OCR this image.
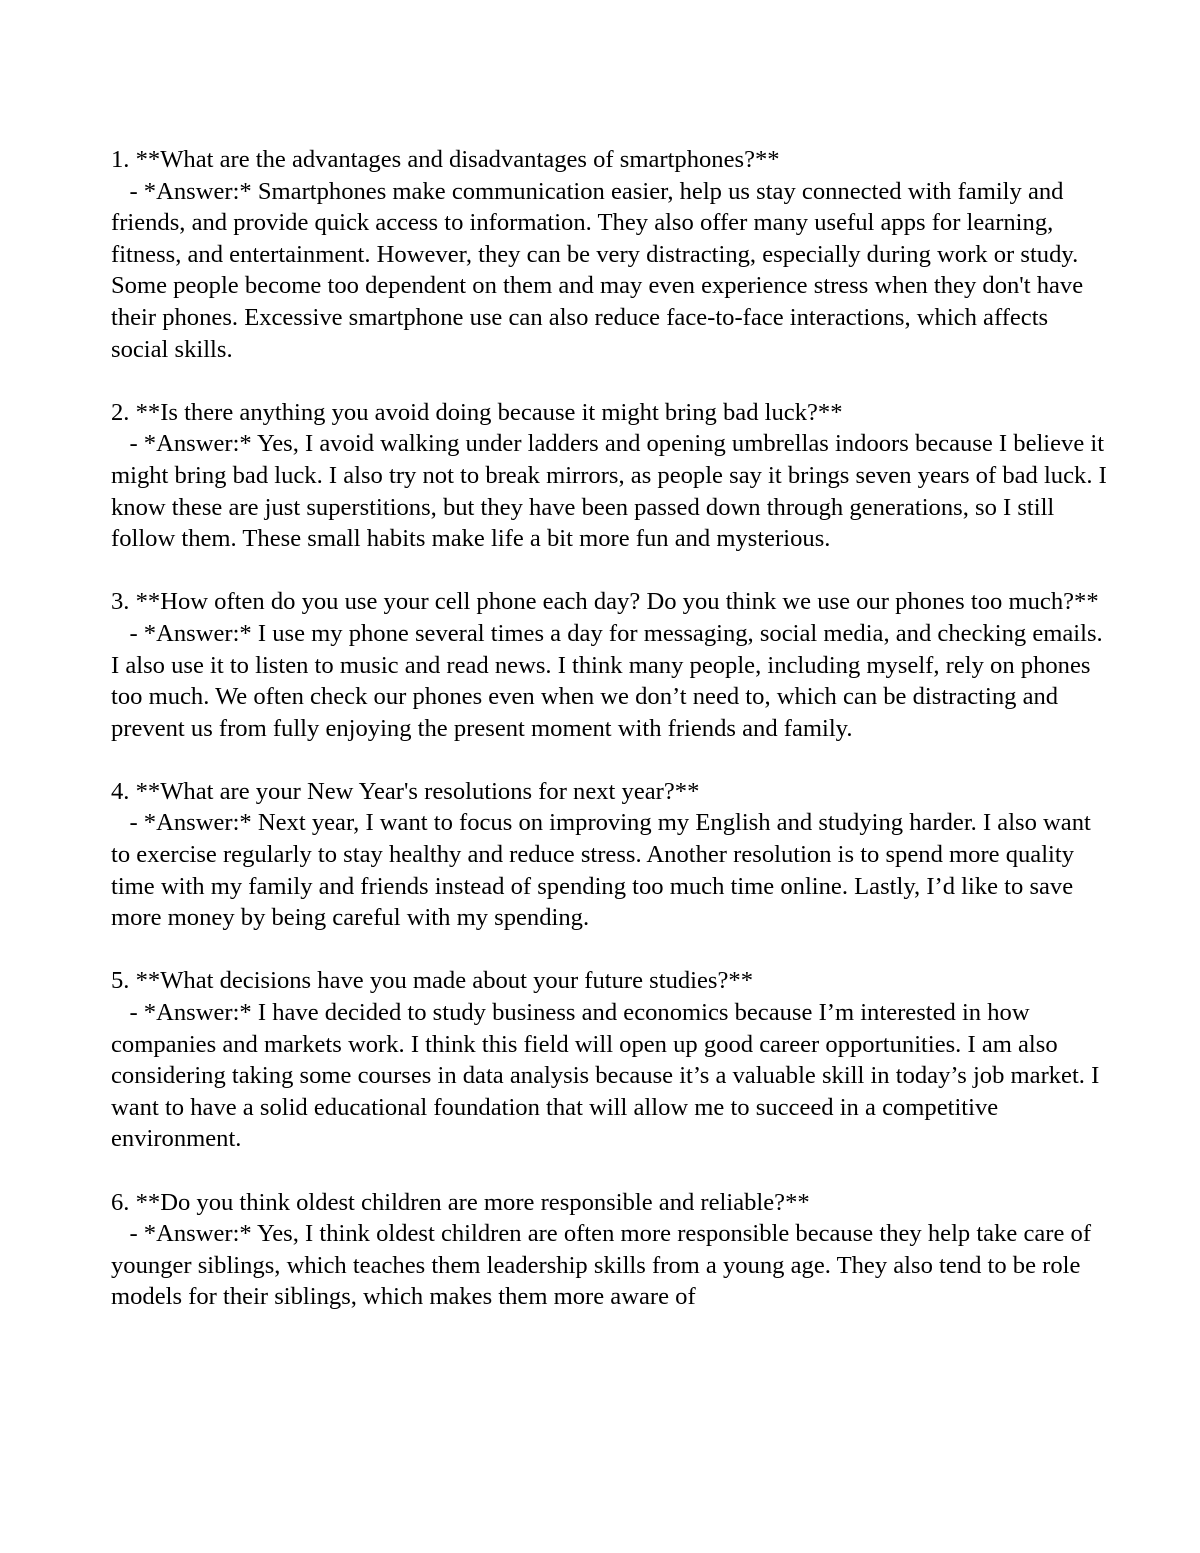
1. **What are the advantages and disadvantages of smartphones?**

- *Answer:* Smartphones make communication easier, help us stay connected with family and friends, and provide quick access to information. They also offer many useful apps for learning, fitness, and entertainment. However, they can be very distracting, especially during work or study. Some people become too dependent on them and may even experience stress when they don't have their phones. Excessive smartphone use can also reduce face-to-face interactions, which affects social skills.

2. **Is there anything you avoid doing because it might bring bad luck?**

- *Answer:* Yes, I avoid walking under ladders and opening umbrellas indoors because I believe it might bring bad luck. I also try not to break mirrors, as people say it brings seven years of bad luck. I know these are just superstitions, but they have been passed down through generations, so I still follow them. These small habits make life a bit more fun and mysterious.

3. **How often do you use your cell phone each day? Do you think we use our phones too much?**

- *Answer:* I use my phone several times a day for messaging, social media, and checking emails. I also use it to listen to music and read news. I think many people, including myself, rely on phones too much. We often check our phones even when we don’t need to, which can be distracting and prevent us from fully enjoying the present moment with friends and family.

4. **What are your New Year's resolutions for next year?**

- *Answer:* Next year, I want to focus on improving my English and studying harder. I also want to exercise regularly to stay healthy and reduce stress. Another resolution is to spend more quality time with my family and friends instead of spending too much time online. Lastly, I’d like to save more money by being careful with my spending.

5. **What decisions have you made about your future studies?**

- *Answer:* I have decided to study business and economics because I’m interested in how companies and markets work. I think this field will open up good career opportunities. I am also considering taking some courses in data analysis because it’s a valuable skill in today’s job market. I want to have a solid educational foundation that will allow me to succeed in a competitive environment.

6. **Do you think oldest children are more responsible and reliable?**

- *Answer:* Yes, I think oldest children are often more responsible because they help take care of younger siblings, which teaches them leadership skills from a young age. They also tend to be role models for their siblings, which makes them more aware of
